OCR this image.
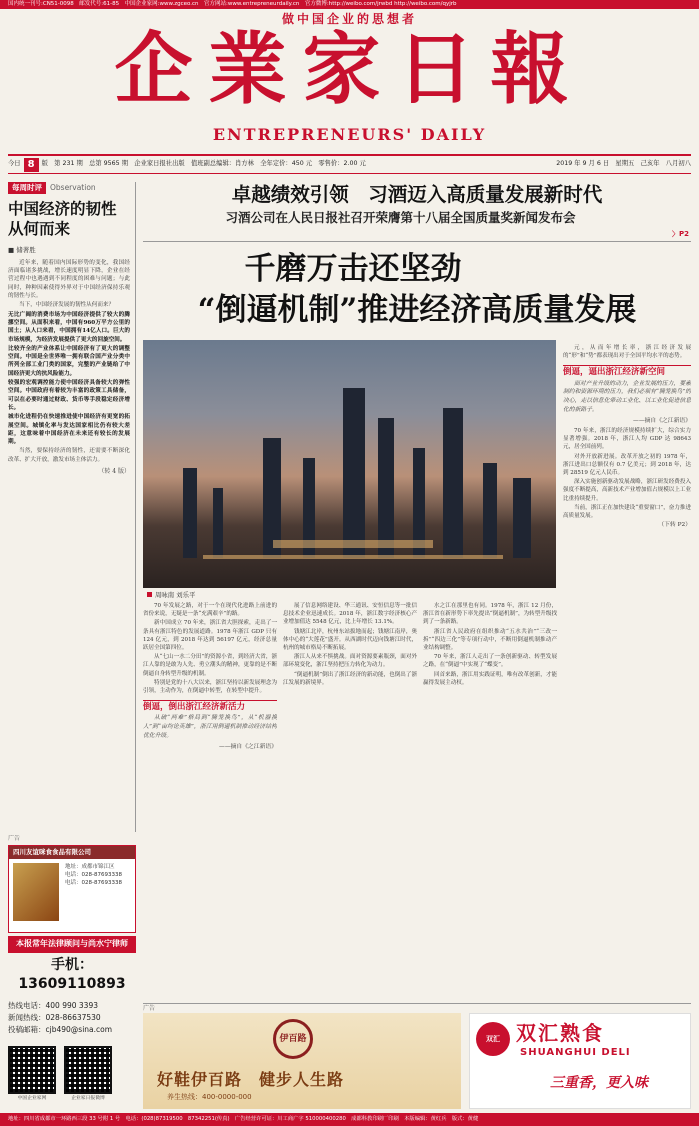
国内统一刊号:CN51-0098　邮发代号:61-85　中国企业家网:www.zgceo.cn　官方网站:www.entrepreneurdaily.cn　官方微博:http://weibo.com/jrwbd http://weibo.com/qyjrb
做中国企业的思想者
企業家日報
ENTREPRENEURS' DAILY
今日 8	版　第 231 期　总第 9565 期　企业家日报社出版　值班副总编辑：肖方林　全年定价：450 元　零售价：2.00 元	2019 年 9 月 6 日　星期五　己亥年　八月初八
每周时评	Observation
中国经济的韧性从何而来
■ 储著胜

近年来，随着国内国际形势的变化，我国经济面临诸多挑战，增长速度明显下降，企业在经营过程中也遇遇到不同程度的困难与问题；与此同时，种种因素使得外界对于中国经济保持乐观的韧性与长。

当下，中国经济发展的韧性从何而来？

无比广阔的消费市场为中国经济提供了较大的腾挪空间。从面积来看，中国有960万平方公里的国土；从人口来看，中国拥有14亿人口。巨大的市场规模，为经济发展提供了更大的回旋空间。

比较齐全的产业体系让中国经济有了更大的调整空间。中国是全世界唯一拥有联合国产业分类中所列全部工业门类的国家，完整的产业链给了中国经济更大的抗风险能力。

较强的宏观调控能力使中国经济具备较大的弹性空间。中国政府有着较为丰富的政策工具储备，可以在必要时通过财政、货币等手段稳定经济增长。

城市化进程仍在快速推进使中国经济有更宽的拓展空间。城镇化率与发达国家相比仍有较大差距，这意味着中国经济在未来还有较长的发展期。

当然，要保持经济的韧性，还需要不断深化改革、扩大开放，激发市场主体活力。

（转 4 版）
卓越绩效引领　习酒迈入高质量发展新时代
习酒公司在人民日报社召开荣膺第十八届全国质量奖新闻发布会
〉P2
千磨万击还坚劲
“倒逼机制”推进经济高质量发展
周咏南 刘乐平

70 年发展之路，对于一个在现代化进路上前进的省份来说，无疑是一条“充满艰辛”的路。

新中国成立 70 年来，浙江省大胆探索，走出了一条具有浙江特色的发展道路。1978 年浙江 GDP 只有 124 亿元，到 2018 年达到 56197 亿元，经济总量跃居全国第四位。

从“七山一水二分田”的资源小省，到经济大省，浙江人靠的是敢为人先、勇立潮头的精神，更靠的是不断倒逼自身转型升级的机制。

特别是党的十八大以来，浙江坚持以新发展理念为引领，主动作为，在倒逼中转型，在转型中提升。

倒逼，倒出浙江经济新活力
从破“两难”格局到“腾笼换鸟”，从“机器换人”到“亩均论英雄”，浙江用倒逼机制推动经济结构优化升级。
——摘自《之江新语》

展了信息网络建设、华三通讯、安恒信息等一批信息技术企业迅速成长。2018 年，浙江数字经济核心产业增加值达 5548 亿元，比上年增长 13.1%。

钱塘江北岸，杭州东站拔地而起；钱塘江南岸，奥体中心的“大莲花”盛开。从西湖时代迈向钱塘江时代，杭州的城市格局不断拓展。

浙江人从来不惧挑战。面对资源要素瓶颈，面对外部环境变化，浙江坚持把压力转化为动力。

“倒逼机制”倒出了浙江经济的新动能，也倒出了浙江发展的新境界。

水之江在那里也有同。1978 年，浙江 12 月份，浙江省在新形势下率先提出“倒逼机制”，为转型升级找到了一条新路。

浙江省人民政府在组织推动“五水共治”“三改一拆”“四边三化”等专项行动中，不断用倒逼机制推动产业结构调整。

70 年来，浙江人走出了一条创新驱动、转型发展之路，在“倒逼”中实现了“蝶变”。

回首来路，浙江用实践证明，唯有改革创新，才能赢得发展主动权。

元，从而年增长率，浙江经济发展的“形”和“势”都表现出对于全国平均水平的态势。

倒逼，逼出浙江经济新空间
面对产业升级的动力，企业发展的压力，要素制约和资源环境的压力，我们必须有“腾笼换鸟”的决心，走以信息化带动工业化、以工业化促进信息化的新路子。
——摘自《之江新语》

70 年来，浙江的经济规模持续扩大，综合实力显著增强。2018 年，浙江人均 GDP 达 98643 元，居全国前列。

对外开放新进展。改革开放之初的 1978 年，浙江进出口总额仅有 0.7 亿美元；到 2018 年，达到 28519 亿元人民币。

深入实施创新驱动发展战略，浙江研发经费投入强度不断提高，高新技术产业增加值占规模以上工业比重持续提升。

当前，浙江正在加快建设“重要窗口”，奋力推进高质量发展。

（下转 P2）
广告
四川友谊咪食食品有限公司
地址：成都市锦江区
电话：028-87693338
电话：028-87693338
本报常年法律顾问与尚水宁律师
手机：13609110893
热线电话：400 990 3393
新闻热线：028-86637530
投稿邮箱：cjb490@sina.com
中国企业家网	企业家日报微博
广告
伊百路
好鞋伊百路　健步人生路
养生热线：400-0000-000
双汇 双汇熟食
SHUANGHUI DELI
三重香，更入味
地址：四川省成都市一环路西三段 33 号附 1 号　电话：(028)87319500　87342251(传真)　广告经营许可证：川工商广字 510000400280　成都科教印刷厂印刷　本版编辑：黄红兵　版式：黄健
